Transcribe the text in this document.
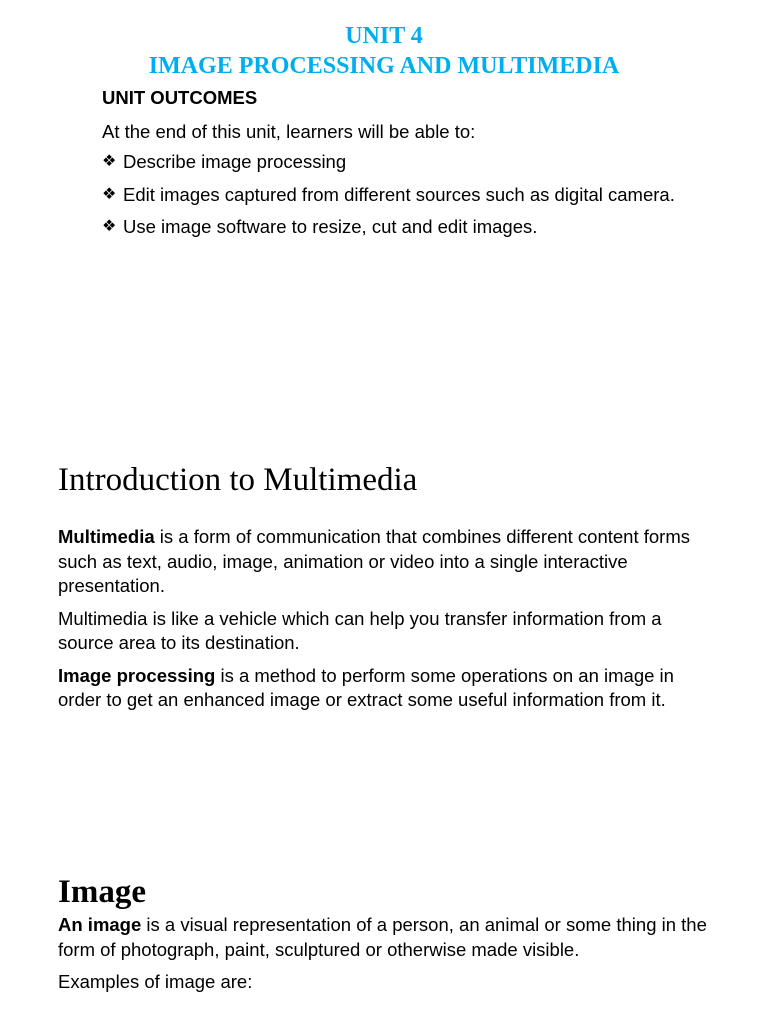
UNIT 4
IMAGE PROCESSING AND MULTIMEDIA

UNIT OUTCOMES

At the end of this unit, learners will be able to:

❖ Describe image processing
❖ Edit images captured from different sources such as digital camera.
❖ Use image software to resize, cut and edit images.
Introduction to Multimedia

Multimedia is a form of communication that combines different content forms such as text, audio, image, animation or video into a single interactive presentation.

Multimedia is like a vehicle which can help you transfer information from a source area to its destination.

Image processing is a method to perform some operations on an image in order to get an enhanced image or extract some useful information from it.

Image

An image is a visual representation of a person, an animal or some thing in the form of photograph, paint, sculptured or otherwise made visible.

Examples of image are:
